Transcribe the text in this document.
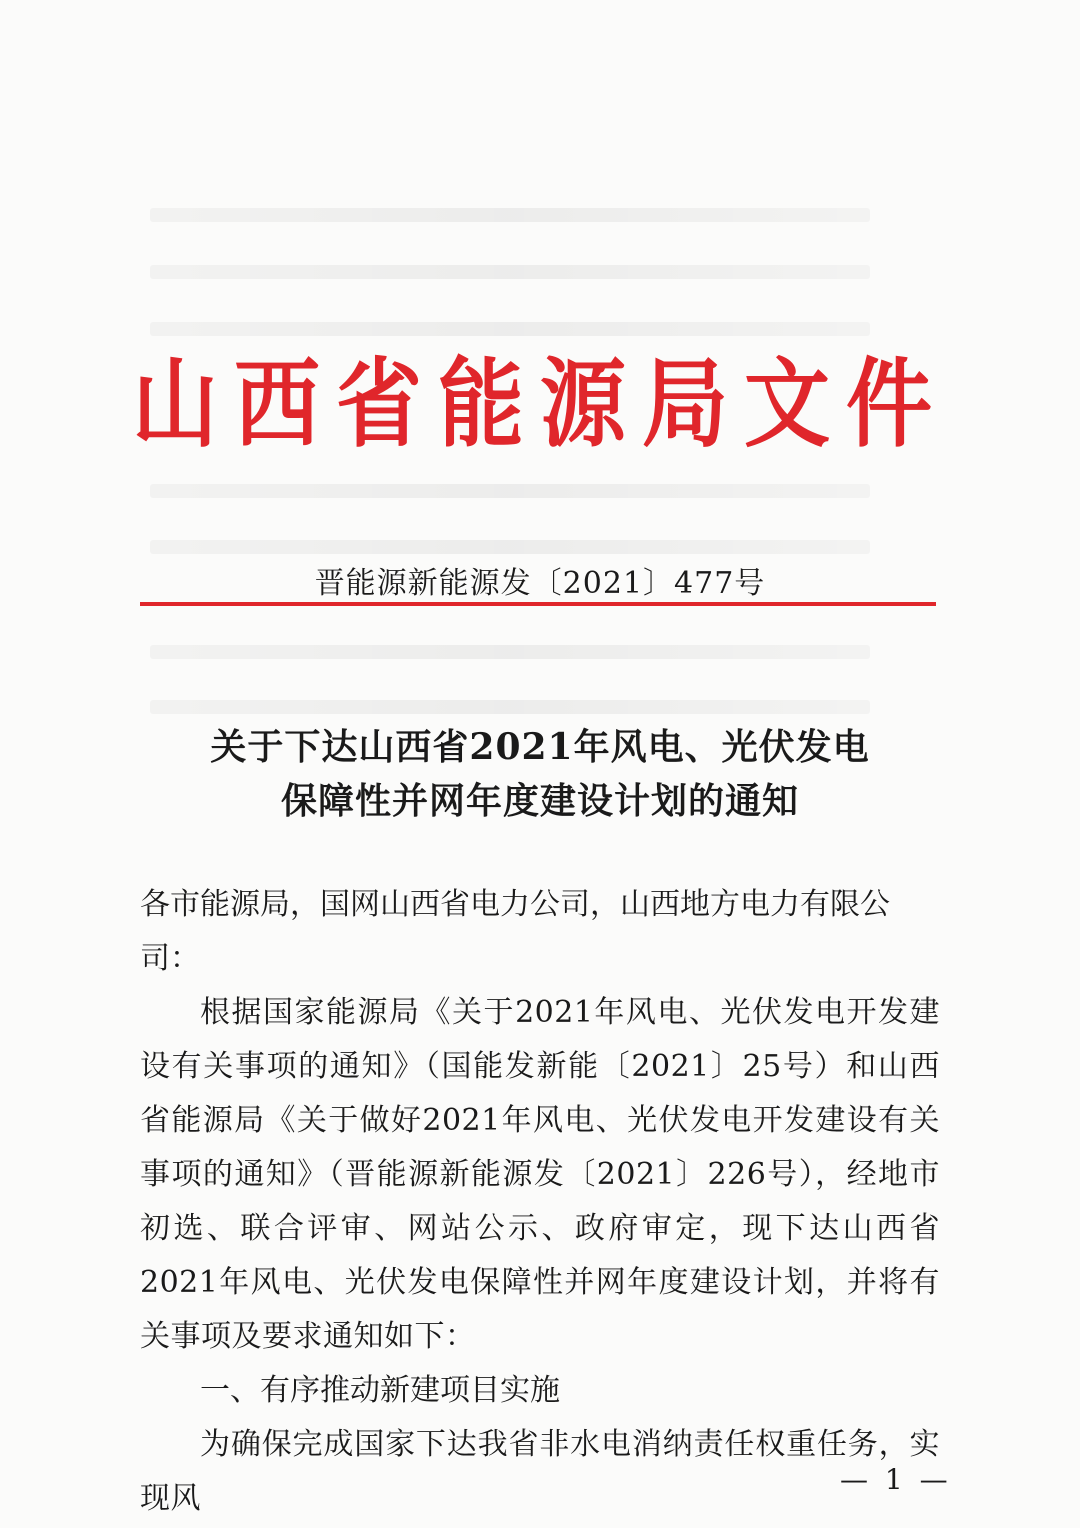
山西省能源局文件
晋能源新能源发〔2021〕477号
关于下达山西省2021年风电、光伏发电
保障性并网年度建设计划的通知

各市能源局，国网山西省电力公司，山西地方电力有限公司：

根据国家能源局《关于2021年风电、光伏发电开发建设有关事项的通知》（国能发新能〔2021〕25号）和山西省能源局《关于做好2021年风电、光伏发电开发建设有关事项的通知》（晋能源新能源发〔2021〕226号），经地市初选、联合评审、网站公示、政府审定，现下达山西省2021年风电、光伏发电保障性并网年度建设计划，并将有关事项及要求通知如下：

一、有序推动新建项目实施

为确保完成国家下达我省非水电消纳责任权重任务，实现风

— 1 —
